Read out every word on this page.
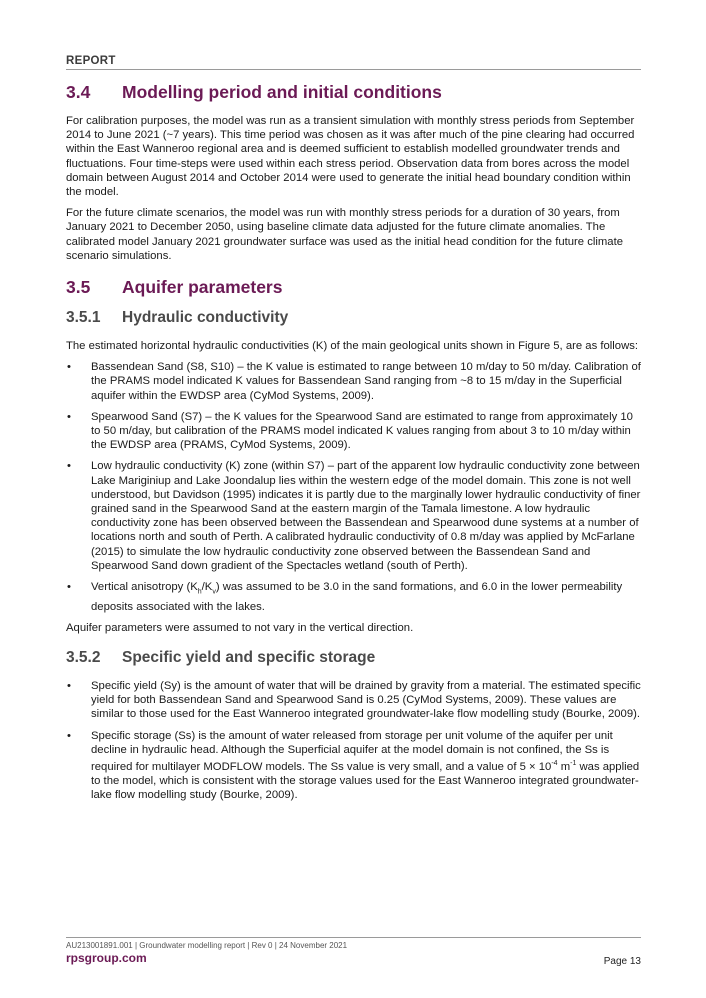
REPORT
3.4	Modelling period and initial conditions

For calibration purposes, the model was run as a transient simulation with monthly stress periods from September 2014 to June 2021 (~7 years). This time period was chosen as it was after much of the pine clearing had occurred within the East Wanneroo regional area and is deemed sufficient to establish modelled groundwater trends and fluctuations. Four time-steps were used within each stress period. Observation data from bores across the model domain between August 2014 and October 2014 were used to generate the initial head boundary condition within the model.

For the future climate scenarios, the model was run with monthly stress periods for a duration of 30 years, from January 2021 to December 2050, using baseline climate data adjusted for the future climate anomalies. The calibrated model January 2021 groundwater surface was used as the initial head condition for the future climate scenario simulations.

3.5	Aquifer parameters
3.5.1	Hydraulic conductivity

The estimated horizontal hydraulic conductivities (K) of the main geological units shown in Figure 5, are as follows:

• Bassendean Sand (S8, S10) – the K value is estimated to range between 10 m/day to 50 m/day. Calibration of the PRAMS model indicated K values for Bassendean Sand ranging from ~8 to 15 m/day in the Superficial aquifer within the EWDSP area (CyMod Systems, 2009).
• Spearwood Sand (S7) – the K values for the Spearwood Sand are estimated to range from approximately 10 to 50 m/day, but calibration of the PRAMS model indicated K values ranging from about 3 to 10 m/day within the EWDSP area (PRAMS, CyMod Systems, 2009).
• Low hydraulic conductivity (K) zone (within S7) – part of the apparent low hydraulic conductivity zone between Lake Mariginiup and Lake Joondalup lies within the western edge of the model domain. This zone is not well understood, but Davidson (1995) indicates it is partly due to the marginally lower hydraulic conductivity of finer grained sand in the Spearwood Sand at the eastern margin of the Tamala limestone. A low hydraulic conductivity zone has been observed between the Bassendean and Spearwood dune systems at a number of locations north and south of Perth. A calibrated hydraulic conductivity of 0.8 m/day was applied by McFarlane (2015) to simulate the low hydraulic conductivity zone observed between the Bassendean Sand and Spearwood Sand down gradient of the Spectacles wetland (south of Perth).
• Vertical anisotropy $(K_h/K_v)$ was assumed to be 3.0 in the sand formations, and 6.0 in the lower permeability deposits associated with the lakes.

Aquifer parameters were assumed to not vary in the vertical direction.

3.5.2	Specific yield and specific storage
• Specific yield (Sy) is the amount of water that will be drained by gravity from a material. The estimated specific yield for both Bassendean Sand and Spearwood Sand is 0.25 (CyMod Systems, 2009). These values are similar to those used for the East Wanneroo integrated groundwater-lake flow modelling study (Bourke, 2009).
• Specific storage (Ss) is the amount of water released from storage per unit volume of the aquifer per unit decline in hydraulic head. Although the Superficial aquifer at the model domain is not confined, the Ss is required for multilayer MODFLOW models. The Ss value is very small, and a value of $5 \times 10^{-4}$ $m^{-1}$ was applied to the model, which is consistent with the storage values used for the East Wanneroo integrated groundwater-lake flow modelling study (Bourke, 2009).
AU213001891.001 | Groundwater modelling report | Rev 0 | 24 November 2021
rpsgroup.com	Page 13
